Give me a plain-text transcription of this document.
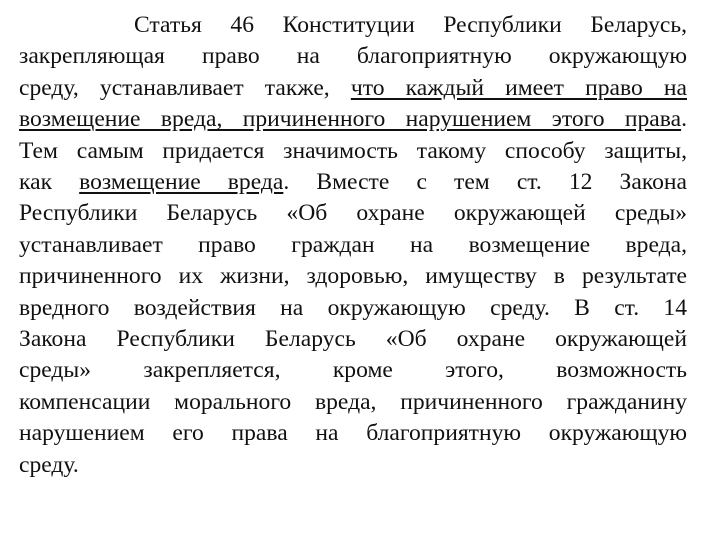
Статья 46 Конституции Республики Беларусь,
закрепляющая право на благоприятную окружающую
среду, устанавливает также, что каждый имеет право на
возмещение вреда, причиненного нарушением этого права.
Тем самым придается значимость такому способу защиты,
как возмещение вреда. Вместе с тем ст. 12 Закона
Республики Беларусь «Об охране окружающей среды»
устанавливает право граждан на возмещение вреда,
причиненного их жизни, здоровью, имуществу в результате
вредного воздействия на окружающую среду. В ст. 14
Закона Республики Беларусь «Об охране окружающей
среды» закрепляется, кроме этого, возможность
компенсации морального вреда, причиненного гражданину
нарушением его права на благоприятную окружающую
среду.
